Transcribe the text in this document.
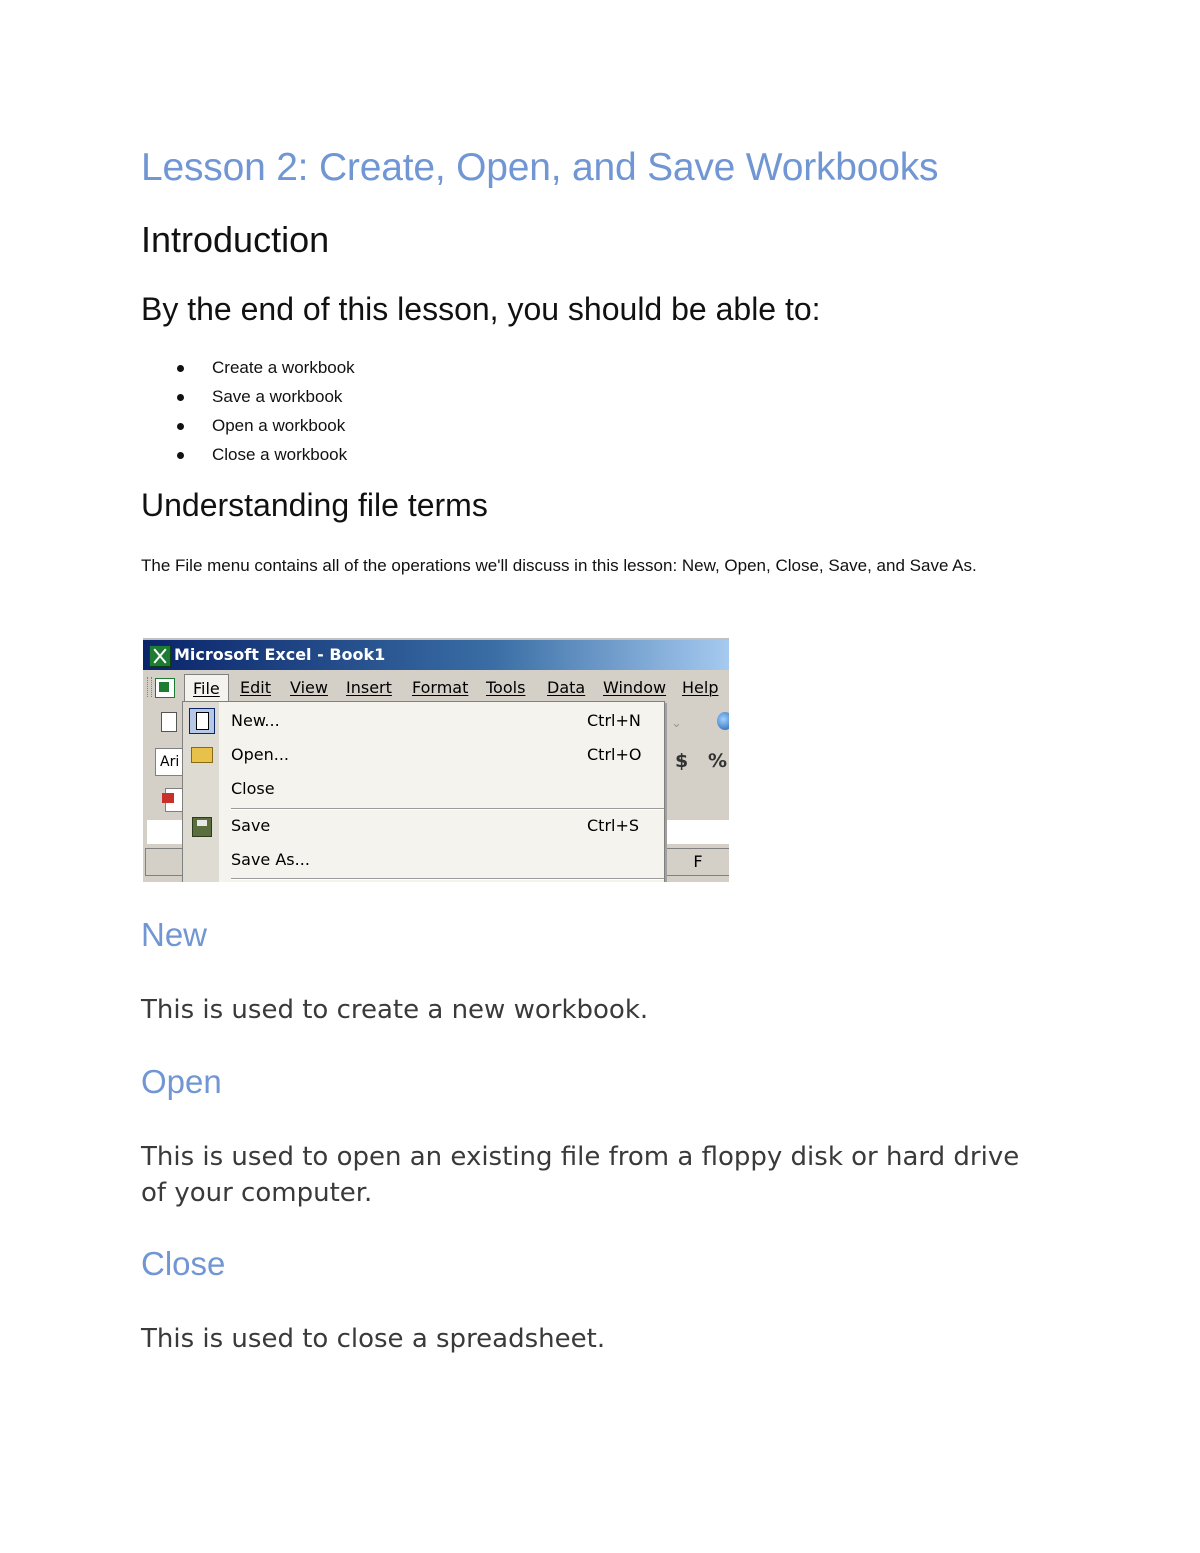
Lesson 2: Create, Open, and Save Workbooks
Introduction
By the end of this lesson, you should be able to:
Create a workbook
Save a workbook
Open a workbook
Close a workbook
Understanding file terms

The File menu contains all of the operations we'll discuss in this lesson: New, Open, Close, Save, and Save As.

Microsoft Excel - Book1
File	Edit View Insert Format Tools Data Window Help
Ari
⌄
$ %
F
New...	Ctrl+N
Open...	Ctrl+O
Close
Save	Ctrl+S
Save As...
New

This is used to create a new workbook.

Open

This is used to open an existing file from a floppy disk or hard drive of your computer.

Close

This is used to close a spreadsheet.
